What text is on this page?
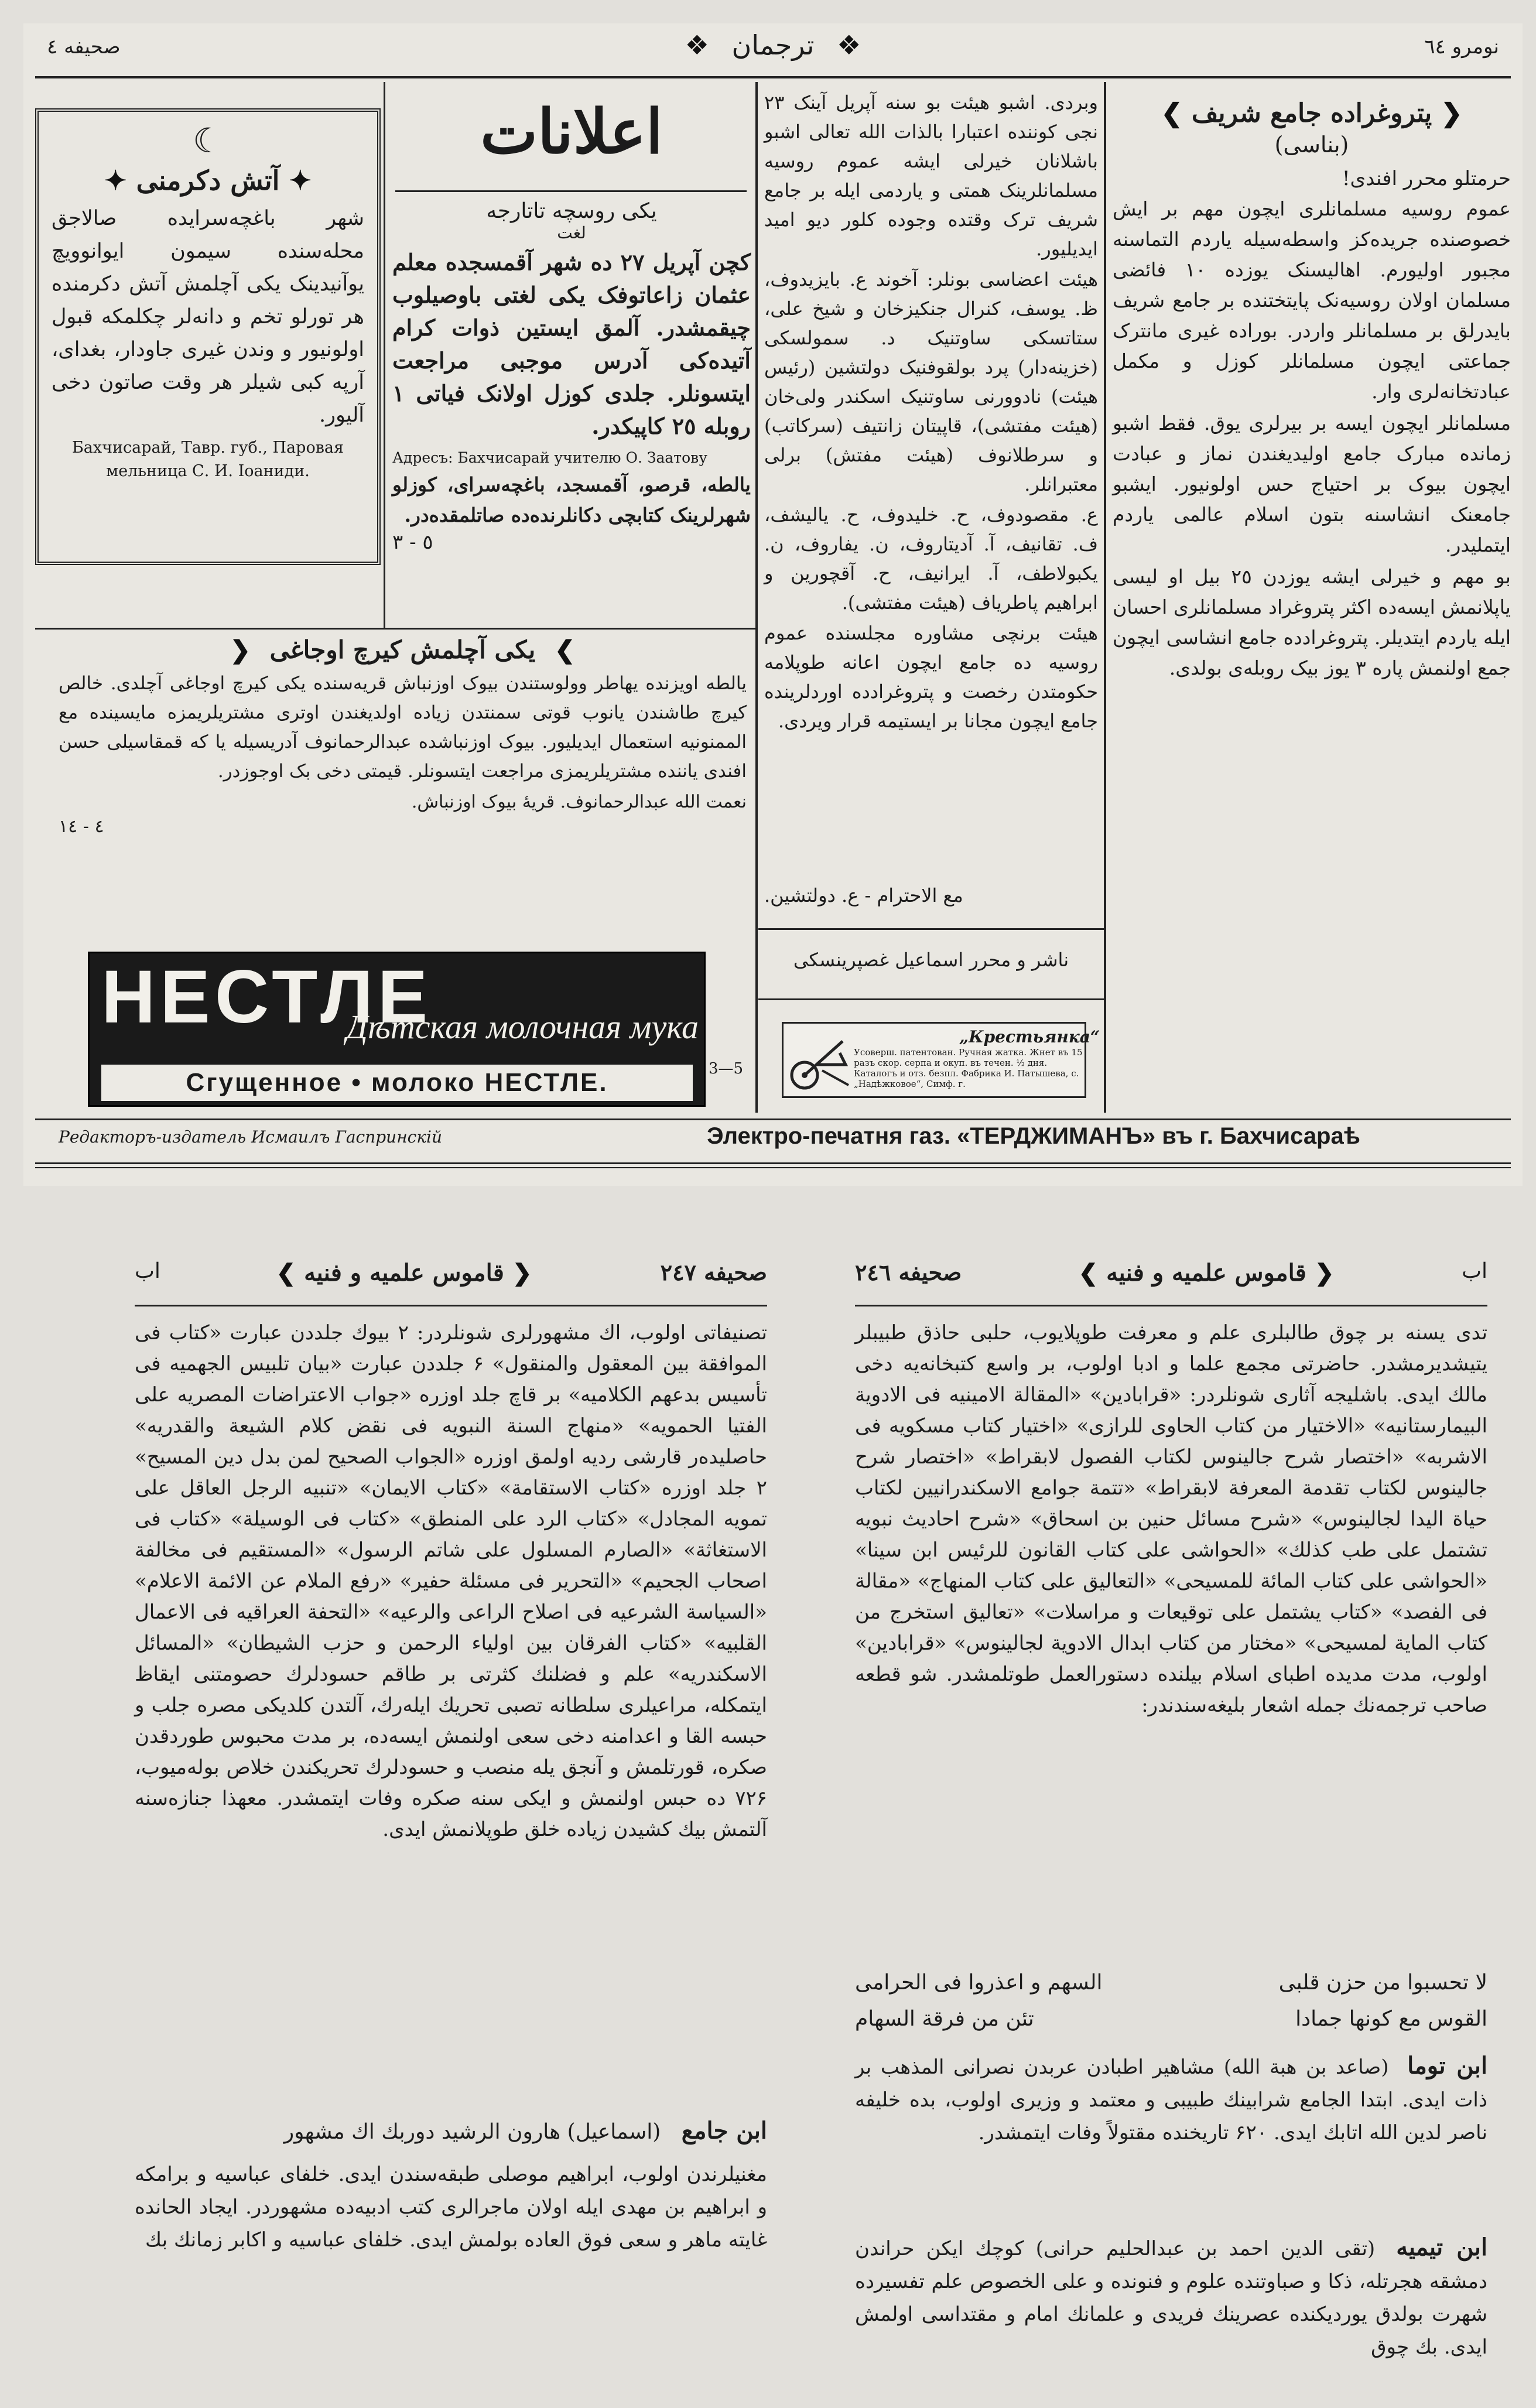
صحیفه ٤	❖ ترجمان ❖	نومرو ٦٤
❮ پتروغراده جامع شریف ❯
(بناسی)
حرمتلو محرر افندی!

عموم روسیه مسلمانلری ایچون مهم بر ایش خصوصنده جریده‌کز واسطه‌سیله یاردم التماسنه مجبور اولیورم. اهالیسنک یوزده ١٠ فائضی مسلمان اولان روسیه‌نک پایتختنده بر جامع شریف بایدرلق بر مسلمانلر واردر. بوراده غیری مانترک جماعتی ایچون مسلمانلر کوزل و مکمل عبادتخانه‌لری وار.

مسلمانلر ایچون ایسه بر بیرلری یوق. فقط اشبو زمانده مبارک جامع اولیدیغندن نماز و عبادت ایچون بیوک بر احتیاج حس اولونیور. ایشبو جامعنک انشاسنه بتون اسلام عالمی یاردم ایتملیدر.

بو مهم و خیرلی ایشه یوزدن ٢٥ بیل او لیسی یاپلانمش ایسه‌ده اکثر پتروغراد مسلمانلری احسان ایله یاردم ایتدیلر. پتروغرادده جامع انشاسی ایچون جمع اولنمش پاره ٣ یوز بیک روبله‌ی بولدی.

وبردی. اشبو هیئت بو سنه آپریل آینک ٢٣ نجی کوننده اعتبارا بالذات الله تعالی اشبو باشلانان خیرلی ایشه عموم روسیه مسلمانلرینک همتی و یاردمی ایله بر جامع شریف ترک وقتده وجوده کلور دیو امید ایدیلیور.

هیئت اعضاسی بونلر: آخوند ع. بایزیدوف، ظ. یوسف، کنرال جنکیزخان و شیخ علی، ستاتسکی ساوتنیک د. سمولسکی (خزینه‌دار) پرد بولقوفنیک دولتشین (رئیس هیئت) نادوورنی ساوتنیک اسکندر ولی‌خان (هیئت مفتشی)، قاپیتان زانتیف (سرکاتب) و سرطلانوف (هیئت مفتش) برلی معتبرانلر.

ع. مقصودوف، ح. خلیدوف، ح. یالیشف، ف. تقانیف، آ. آدیتاروف، ن. یفاروف، ن. یکبولاطف، آ. ایرانیف، ح. آقچورین و ابراهیم پاطریاف (هیئت مفتشی).

هیئت برنچی مشاوره مجلسنده عموم روسیه ده جامع ایچون اعانه طوپلامه حکومتدن رخصت و پتروغرادده اوردلرینده جامع ایچون مجانا بر ایستیمه قرار ویردی.

مع الاحترام - ع. دولتشین.
ناشر و محرر اسماعیل غصپرینسکی
„Крестьянка“
Усоверш. патентован. Ручная жатка. Жнет въ 15 разъ скор. серпа и окуп. въ течен. ½ дня. Каталогъ и отз. безпл. Фабрика И. Патышева, с. „Надѣжковое“, Симф. г.
اعلانات
یکی روسچه تاتارجه
لغت
کچن آپریل ٢٧ ده شهر آقمسجده معلم عثمان زاعاتوفک یکی لغتی باوصیلوب چیقمشدر. آلمق ایستین ذوات کرام آتیده‌کی آدرس موجبی مراجعت ایتسونلر. جلدی کوزل اولانک فیاتی ١ روبله ٢٥ کاپیکدر.
Адресъ: Бахчисарай учителю О. Заатову
یالطه، قرصو، آقمسجد، باغچه‌سرای، کوزلو شهرلرینک کتابچی دکانلرنده‌ده صاتلمقده‌در.
٥ - ٣
☾
✦ آتش دکرمنی ✦
شهر باغچه‌سرایده صالاجق محله‌سنده سیمون ایوانوویچ یوآنیدینک یکی آچلمش آتش دکرمنده هر تورلو تخم و دانه‌لر چکلمکه قبول اولونیور و وندن غیری جاودار، بغدای، آرپه کبی شیلر هر وقت صاتون دخی آلیور.
Бахчисарай, Тавр. губ., Паровая мельница С. И. Іоаниди.
❯ یکی آچلمش کیرچ اوجاغی ❮
یالطه اویزنده یهاطر وولوستندن بیوک اوزنباش قریه‌سنده یکی کیرچ اوجاغی آچلدی. خالص کیرچ طاشندن یانوب قوتی سمنتدن زیاده اولدیغندن اوتری مشتریلریمزه مایسینده مع الممنونیه استعمال ایدیلیور. بیوک اوزنباشده عبدالرحمانوف آدریسیله یا که قمقاسیلی حسن افندی یاننده مشتریلریمزی مراجعت ایتسونلر. قیمتی دخی بک اوجوزدر.
نعمت الله عبدالرحمانوف. قریهٔ بیوک اوزنباش.
٤ - ١٤
НЕСТЛЕ
Дѣтская молочная мука
Сгущенное • молоко НЕСТЛЕ.	3—5
Редакторъ-издатель Исмаилъ Гаспринскій	Электро-печатня газ. «ТЕРДЖИМАНЪ» въ г. Бахчисараѣ
اب	❮ قاموس علمیه و فنیه ❯	صحیفه ٢٤٧

تصنیفاتی اولوب، اك مشهورلری شونلردر: ۲ بیوك جلددن عبارت «کتاب فی الموافقة بین المعقول والمنقول» ۶ جلددن عبارت «بیان تلبیس الجهمیه فی تأسیس بدعهم الکلامیه» بر قاچ جلد اوزره «جواب الاعتراضات المصریه علی الفتیا الحمویه» «منهاج السنة النبویه فی نقض کلام الشیعة والقدریه» حاصلیده‌ر قارشی ردیه اولمق اوزره «الجواب الصحیح لمن بدل دین المسیح» ۲ جلد اوزره «کتاب الاستقامة» «کتاب الایمان» «تنبیه الرجل العاقل علی تمویه المجادل» «کتاب الرد علی المنطق» «کتاب فی الوسیلة» «کتاب فی الاستغاثة» «الصارم المسلول علی شاتم الرسول» «المستقیم فی مخالفة اصحاب الجحیم» «التحریر فی مسئلة حفیر» «رفع الملام عن الائمة الاعلام» «السیاسة الشرعیه فی اصلاح الراعی والرعیه» «التحفة العراقیه فی الاعمال القلبیه» «کتاب الفرقان بین اولیاء الرحمن و حزب الشیطان» «المسائل الاسکندریه» علم و فضلنك کثرتی بر طاقم حسودلرك حصومتنی ایقاظ ایتمکله، مراعیلری سلطانه تصبی تحریك ایله‌رك، آلتدن کلدیکی مصره جلب و حبسه القا و اعدامنه دخی سعی اولنمش ایسه‌ده، بر مدت محبوس طوردقدن صکره، قورتلمش و آنجق یله منصب و حسودلرك تحریکندن خلاص بوله‌میوب، ۷۲۶ ده حبس اولنمش و ایکی سنه صکره وفات ایتمشدر. معهذا جنازه‌سنه آلتمش بیك کشیدن زیاده خلق طوپلانمش ایدی.

ابن جامع (اسماعیل) هارون الرشید دوربك اك مشهور
مغنیلرندن اولوب، ابراهیم موصلی طبقه‌سندن ایدی. خلفای عباسیه و برامکه و ابراهیم بن مهدی ایله اولان ماجرالری کتب ادبیه‌ده مشهوردر. ایجاد الحانده غایته ماهر و سعی فوق العاده بولمش ایدی. خلفای عباسیه و اکابر زمانك بك
صحیفه ٢٤٦	❮ قاموس علمیه و فنیه ❯	اب

تدی یسنه بر چوق طالبلری علم و معرفت طوپلایوب، حلبی حاذق طبیبلر یتیشدیرمشدر. حاضرتی مجمع علما و ادبا اولوب، بر واسع کتبخانه‌یه دخی مالك ایدی. باشلیجه آثاری شونلردر: «قرابادین» «المقالة الامینیه فی الادویة البیمارستانیه» «الاختیار من کتاب الحاوی للرازی» «اختیار کتاب مسکویه فی الاشربه» «اختصار شرح جالینوس لکتاب الفصول لابقراط» «اختصار شرح جالینوس لکتاب تقدمة المعرفة لابقراط» «تتمة جوامع الاسکندرانیین لکتاب حیاة الیدا لجالینوس» «شرح مسائل حنین بن اسحاق» «شرح احادیث نبویه تشتمل علی طب کذلك» «الحواشی علی کتاب القانون للرئیس ابن سینا» «الحواشی علی کتاب المائة للمسیحی» «التعالیق علی کتاب المنهاج» «مقالة فی الفصد» «کتاب یشتمل علی توقیعات و مراسلات» «تعالیق استخرج من کتاب المایة لمسیحی» «مختار من کتاب ابدال الادویة لجالینوس» «قرابادین» اولوب، مدت مدیده اطبای اسلام بیلنده دستورالعمل طوتلمشدر. شو قطعه صاحب ترجمه‌نك جمله اشعار بلیغه‌سندندر:

لا تحسبوا من حزن قلبی
السهم و اعذروا فی الحرامی
القوس مع کونها جمادا
تئن من فرقة السهام
ابن توما (صاعد بن هبة الله) مشاهیر اطبادن عربدن نصرانی المذهب بر ذات ایدی. ابتدا الجامع شرابینك طبیبی و معتمد و وزیری اولوب، بده خلیفه ناصر لدین الله اتابك ایدی. ۶۲۰ تاریخنده مقتولاً وفات ایتمشدر.
ابن تیمیه (تقی الدین احمد بن عبدالحلیم حرانی) کوچك ایکن حراندن دمشقه هجرتله، ذکا و صباوتنده علوم و فنونده و علی الخصوص علم تفسیرده شهرت بولدق یوردیکنده عصرینك فریدی و علمانك امام و مقتداسی اولمش ایدی. بك چوق
